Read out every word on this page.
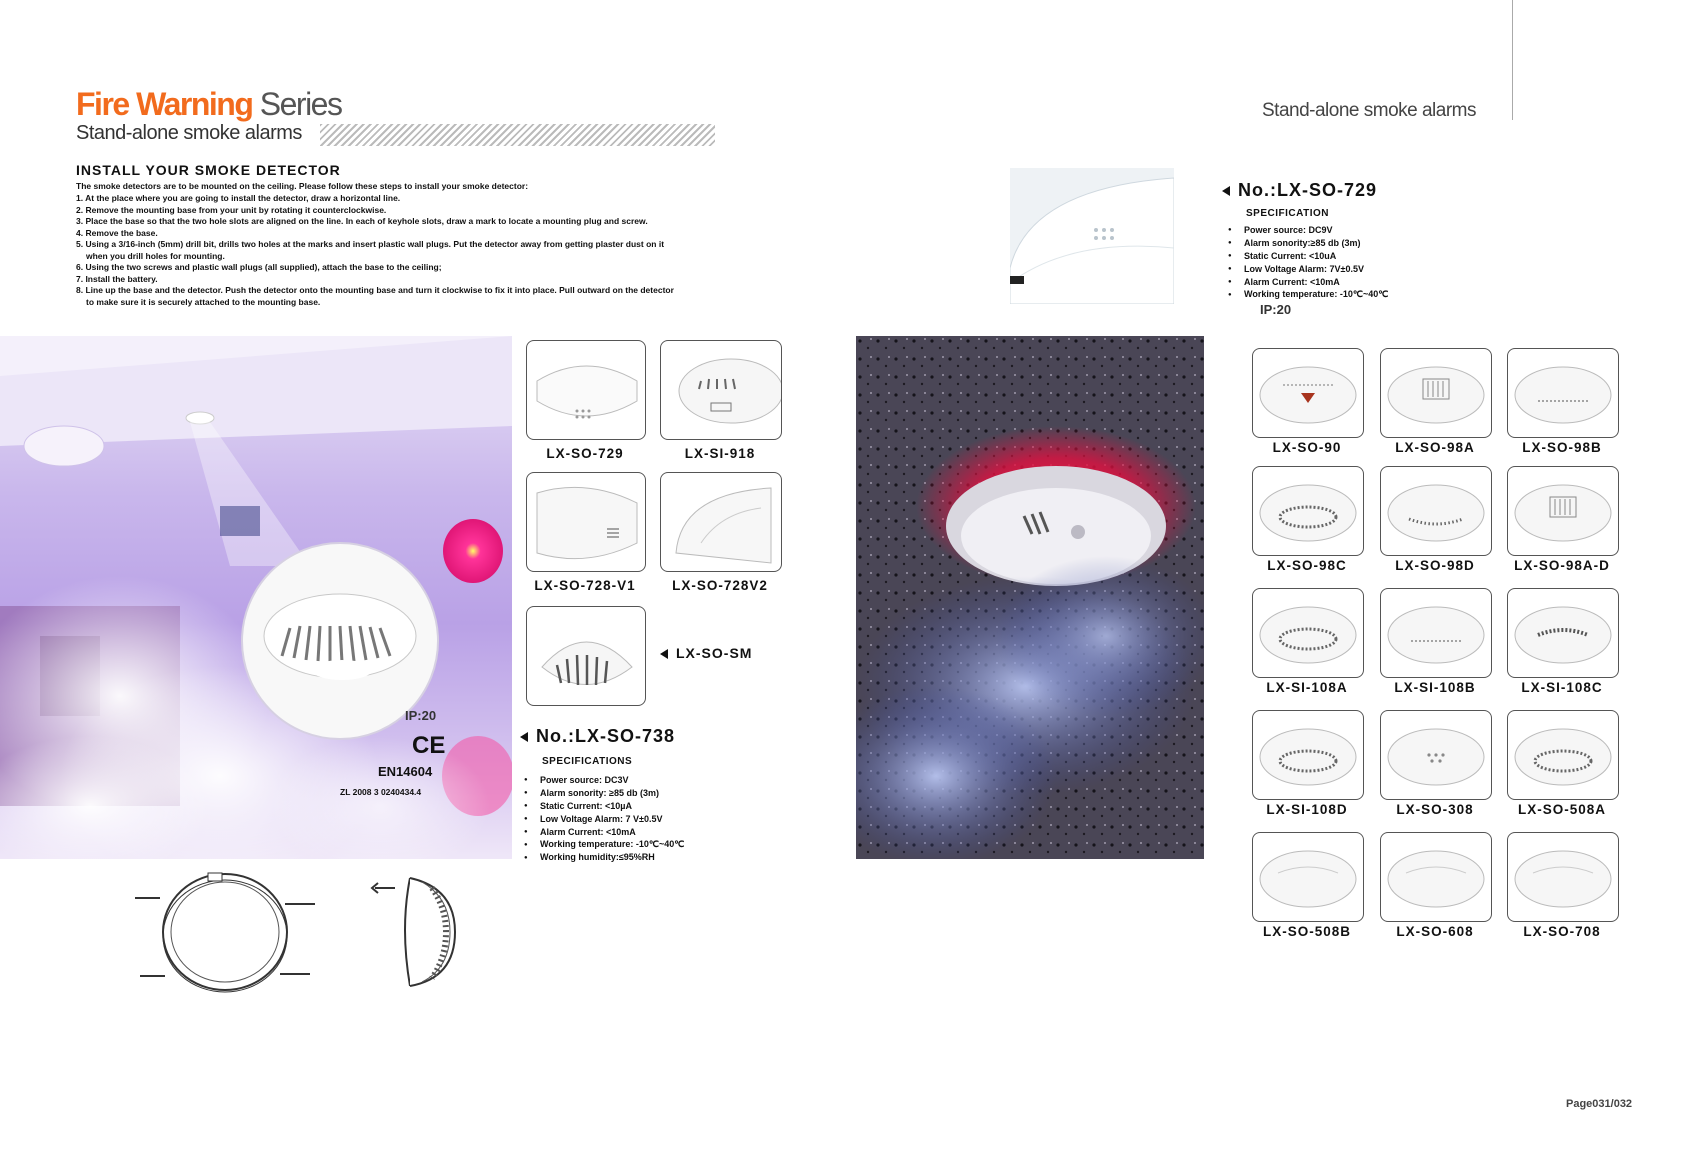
Fire Warning Series
Stand-alone smoke alarms
Stand-alone smoke alarms
INSTALL YOUR SMOKE DETECTOR
The smoke detectors are to be mounted on the ceiling. Please follow these steps to install your smoke detector:
1. At the place where you are going to install the detector, draw a horizontal line.
2. Remove the mounting base from your unit by rotating it counterclockwise.
3. Place the base so that the two hole slots are aligned on the line. In each of keyhole slots, draw a mark to locate a mounting plug and screw.
4. Remove the base.
5. Using a 3/16-inch (5mm) drill bit, drills two holes at the marks and insert plastic wall plugs. Put the detector away from getting plaster dust on it
when you drill holes for mounting.
6. Using the two screws and plastic wall plugs (all supplied), attach the base to the ceiling;
7. Install the battery.
8. Line up the base and the detector. Push the detector onto the mounting base and turn it clockwise to fix it into place. Pull outward on the detector
to make sure it is securely attached to the mounting base.
IP:20
CE
EN14604
ZL 2008 3 0240434.4
LX-SO-729	LX-SI-918
LX-SO-728-V1	LX-SO-728V2
LX-SO-SM
No.:LX-SO-738
SPECIFICATIONS
● Power source: DC3V
● Alarm sonority: ≥85 db (3m)
● Static Current: <10µA
● Low Voltage Alarm: 7 V±0.5V
● Alarm Current: <10mA
● Working temperature: -10℃~40℃
● Working humidity:≤95%RH
No.:LX-SO-729
SPECIFICATION
● Power source: DC9V
● Alarm sonority:≥85 db (3m)
● Static Current: <10uA
● Low Voltage Alarm: 7V±0.5V
● Alarm Current: <10mA
● Working temperature: -10℃~40℃
IP:20
LX-SO-90	LX-SO-98A	LX-SO-98B
LX-SO-98C	LX-SO-98D	LX-SO-98A-D
LX-SI-108A	LX-SI-108B	LX-SI-108C
LX-SI-108D	LX-SO-308	LX-SO-508A
LX-SO-508B	LX-SO-608	LX-SO-708
Page031/032
